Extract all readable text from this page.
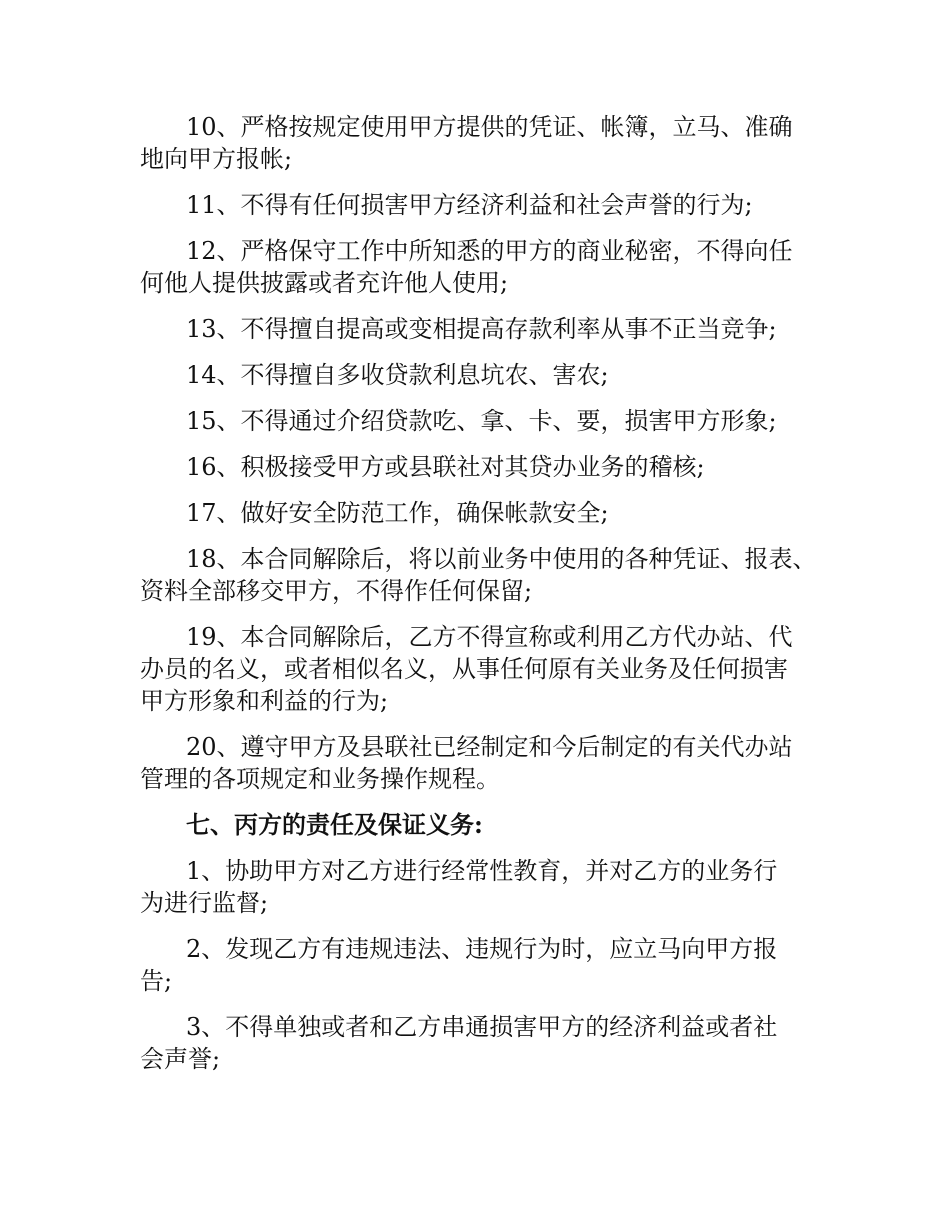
10、严格按规定使用甲方提供的凭证、帐簿，立马、准确
地向甲方报帐;

11、不得有任何损害甲方经济利益和社会声誉的行为;

12、严格保守工作中所知悉的甲方的商业秘密，不得向任
何他人提供披露或者充许他人使用;

13、不得擅自提高或变相提高存款利率从事不正当竞争;

14、不得擅自多收贷款利息坑农、害农;

15、不得通过介绍贷款吃、拿、卡、要，损害甲方形象;

16、积极接受甲方或县联社对其贷办业务的稽核;

17、做好安全防范工作，确保帐款安全;

18、本合同解除后，将以前业务中使用的各种凭证、报表、
资料全部移交甲方，不得作任何保留;

19、本合同解除后，乙方不得宣称或利用乙方代办站、代
办员的名义，或者相似名义，从事任何原有关业务及任何损害
甲方形象和利益的行为;

20、遵守甲方及县联社已经制定和今后制定的有关代办站
管理的各项规定和业务操作规程。

七、丙方的责任及保证义务:

1、协助甲方对乙方进行经常性教育，并对乙方的业务行
为进行监督;

2、发现乙方有违规违法、违规行为时，应立马向甲方报
告;

3、不得单独或者和乙方串通损害甲方的经济利益或者社
会声誉;
